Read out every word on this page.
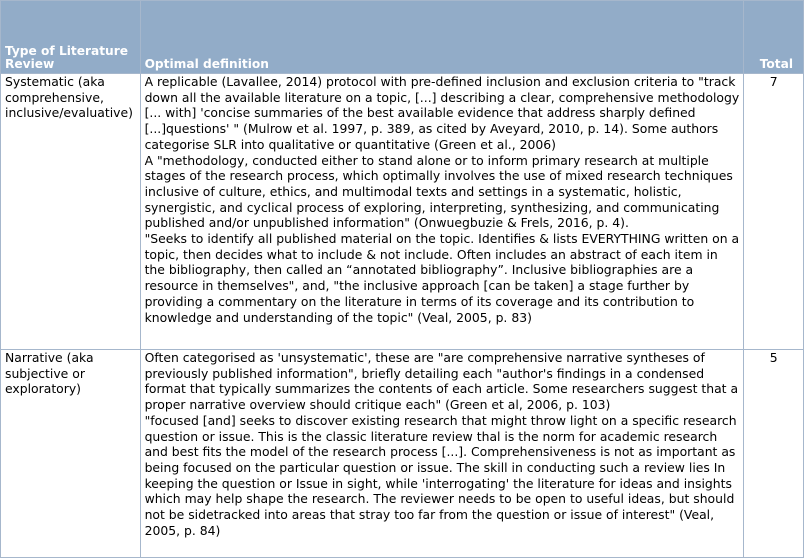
Type of Literature Review	Optimal definition	Total
Systematic (aka comprehensive, inclusive/evaluative)	A replicable (Lavallee, 2014) protocol with pre-defined inclusion and exclusion criteria to "track down all the available literature on a topic, [...] describing a clear, comprehensive methodology [... with] 'concise summaries of the best available evidence that address sharply defined [...]questions' " (Mulrow et al. 1997, p. 389, as cited by Aveyard, 2010, p. 14). Some authors categorise SLR into qualitative or quantitative (Green et al., 2006)
A "methodology, conducted either to stand alone or to inform primary research at multiple stages of the research process, which optimally involves the use of mixed research techniques inclusive of culture, ethics, and multimodal texts and settings in a systematic, holistic, synergistic, and cyclical process of exploring, interpreting, synthesizing, and communicating published and/or unpublished information" (Onwuegbuzie & Frels, 2016, p. 4).
"Seeks to identify all published material on the topic. Identifies & lists EVERYTHING written on a topic, then decides what to include & not include. Often includes an abstract of each item in the bibliography, then called an “annotated bibliography”. Inclusive bibliographies are a resource in themselves", and, "the inclusive approach [can be taken] a stage further by providing a commentary on the literature in terms of its coverage and its contribution to knowledge and understanding of the topic" (Veal, 2005, p. 83)	7
Narrative (aka subjective or exploratory)	Often categorised as 'unsystematic', these are "are comprehensive narrative syntheses of previously published information", briefly detailing each "author's findings in a condensed format that typically summarizes the contents of each article. Some researchers suggest that a proper narrative overview should critique each" (Green et al, 2006, p. 103)
"focused [and] seeks to discover existing research that might throw light on a specific research question or issue. This is the classic literature review thal is the norm for academic research and best fits the model of the research process [...]. Comprehensiveness is not as important as being focused on the particular question or issue. The skill in conducting such a review lies In keeping the question or Issue in sight, while 'interrogating' the literature for ideas and insights which may help shape the research. The reviewer needs to be open to useful ideas, but should not be sidetracked into areas that stray too far from the question or issue of interest" (Veal, 2005, p. 84)	5
